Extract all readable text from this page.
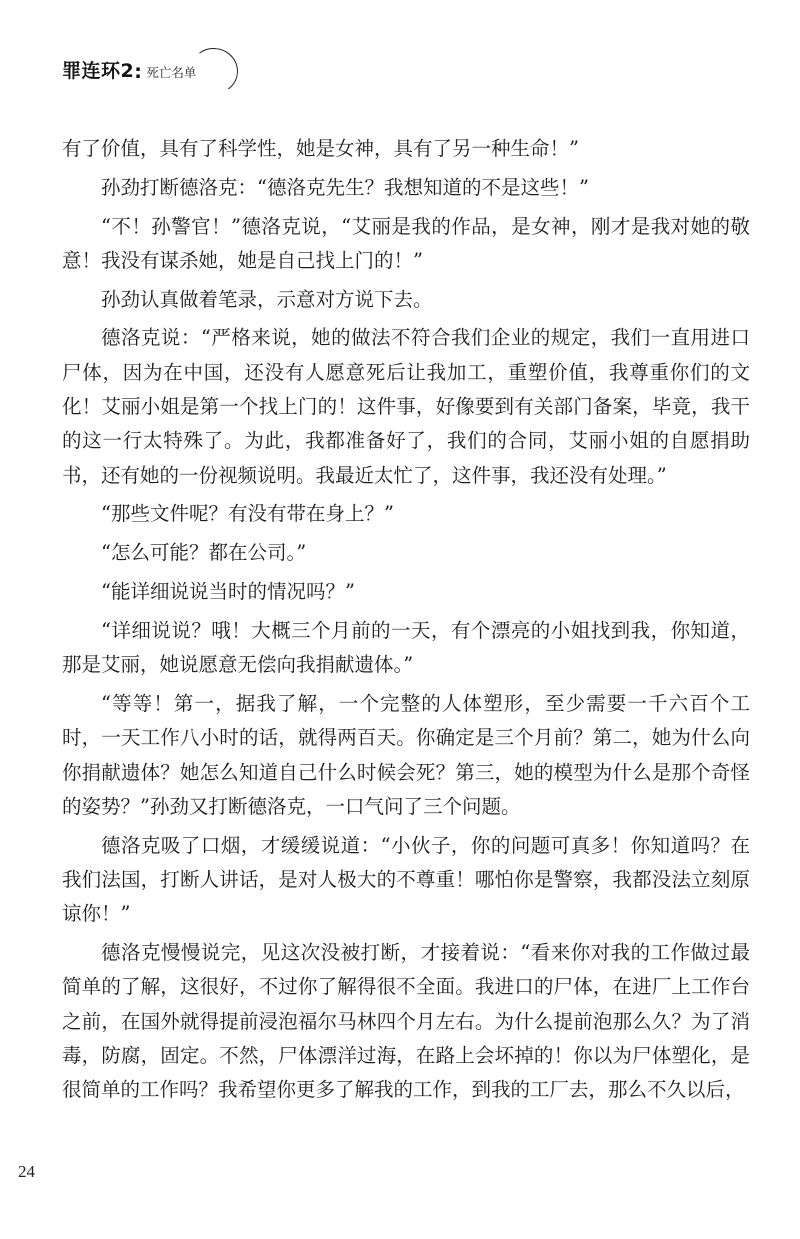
罪连环2 : 死亡名单

有了价值，具有了科学性，她是女神，具有了另一种生命！”

孙劲打断德洛克：“德洛克先生？我想知道的不是这些！”

“不！孙警官！”德洛克说，“艾丽是我的作品，是女神，刚才是我对她的敬意！我没有谋杀她，她是自己找上门的！”

孙劲认真做着笔录，示意对方说下去。

德洛克说：“严格来说，她的做法不符合我们企业的规定，我们一直用进口尸体，因为在中国，还没有人愿意死后让我加工，重塑价值，我尊重你们的文化！艾丽小姐是第一个找上门的！这件事，好像要到有关部门备案，毕竟，我干的这一行太特殊了。为此，我都准备好了，我们的合同，艾丽小姐的自愿捐助书，还有她的一份视频说明。我最近太忙了，这件事，我还没有处理。”

“那些文件呢？有没有带在身上？”

“怎么可能？都在公司。”

“能详细说说当时的情况吗？”

“详细说说？哦！大概三个月前的一天，有个漂亮的小姐找到我，你知道，那是艾丽，她说愿意无偿向我捐献遗体。”

“等等！第一，据我了解，一个完整的人体塑形，至少需要一千六百个工时，一天工作八小时的话，就得两百天。你确定是三个月前？第二，她为什么向你捐献遗体？她怎么知道自己什么时候会死？第三，她的模型为什么是那个奇怪的姿势？”孙劲又打断德洛克，一口气问了三个问题。

德洛克吸了口烟，才缓缓说道：“小伙子，你的问题可真多！你知道吗？在我们法国，打断人讲话，是对人极大的不尊重！哪怕你是警察，我都没法立刻原谅你！”

德洛克慢慢说完，见这次没被打断，才接着说：“看来你对我的工作做过最简单的了解，这很好，不过你了解得很不全面。我进口的尸体，在进厂上工作台之前，在国外就得提前浸泡福尔马林四个月左右。为什么提前泡那么久？为了消毒，防腐，固定。不然，尸体漂洋过海，在路上会坏掉的！你以为尸体塑化，是很简单的工作吗？我希望你更多了解我的工作，到我的工厂去，那么不久以后，

24
